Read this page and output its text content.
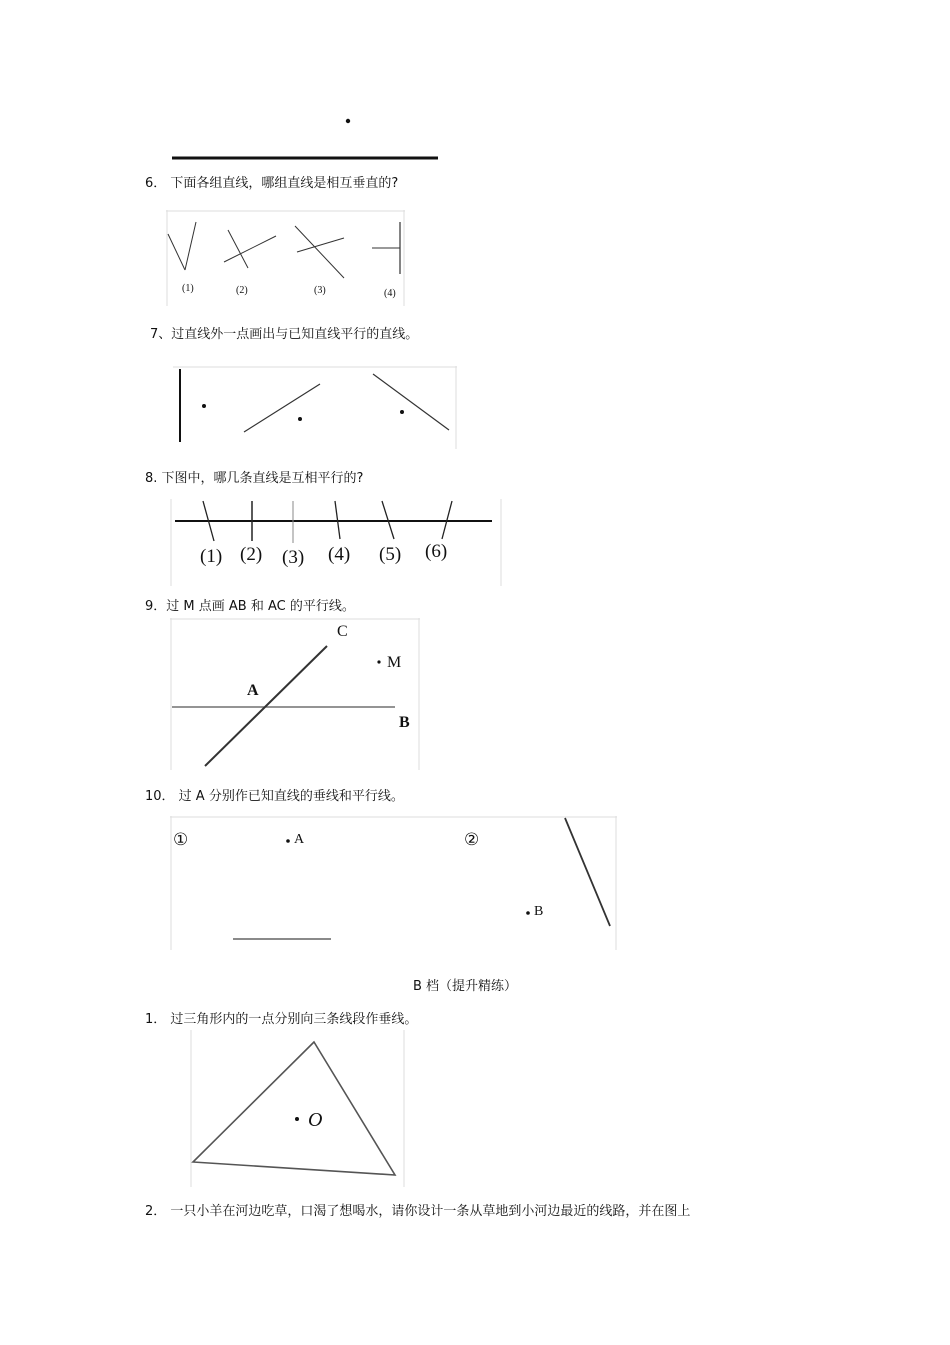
6． 下面各组直线，哪组直线是相互垂直的?
(1)	(2)	(3)	(4)
7、过直线外一点画出与已知直线平行的直线。
8. 下图中，哪几条直线是互相平行的?
(1) (2) (3) (4) (5) (6)
9．过 M 点画 AB 和 AC 的平行线。
A
B
C
M
10． 过 A 分别作已知直线的垂线和平行线。
①	A	②
B
B 档（提升精练）
1． 过三角形内的一点分别向三条线段作垂线。
O
2． 一只小羊在河边吃草，口渴了想喝水，请你设计一条从草地到小河边最近的线路，并在图上
